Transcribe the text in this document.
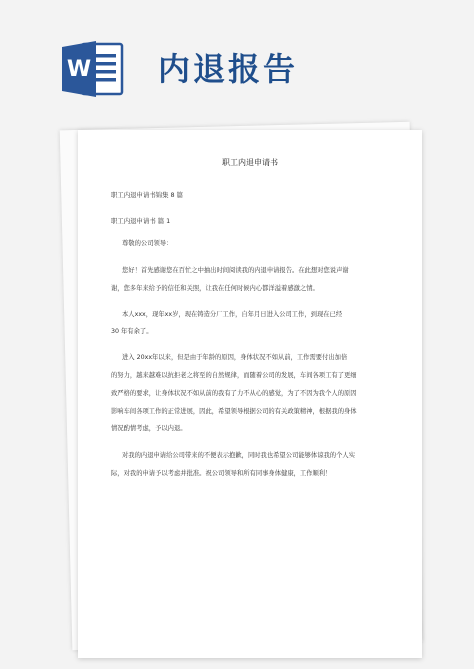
W 内退报告
职工内退申请书
职工内退申请书锦集 8 篇
职工内退申请书 篇 1
尊敬的公司领导：
您好！首先感谢您在百忙之中抽出时间阅读我的内退申请报告。在此想对您说声谢
谢，您多年来给予的信任和关照，让我在任何时候内心都洋溢着感激之情。
本人xxx，现年xx岁，现在铸造分厂工作，自年月日进入公司工作，到现在已经
30 年有余了。
进入 20xx年以来，但是由于年龄的原因，身体状况不如从前，工作需要付出加倍
的努力，越来越难以抗拒老之将至的自然规律，而随着公司的发展，车间各项工有了更细
致严格的要求，让身体状况不如从前的我有了力不从心的感觉，为了不因为我个人的原因
影响车间各项工作的正常进展，因此，希望领导根据公司的有关政策精神，根据我的身体
情况酌情考虑，予以内退。
对我的内退申请给公司带来的不便表示抱歉，同时我也希望公司能够体谅我的个人实
际，对我的申请予以考虑并批准。祝公司领导和所有同事身体健康，工作顺利！
